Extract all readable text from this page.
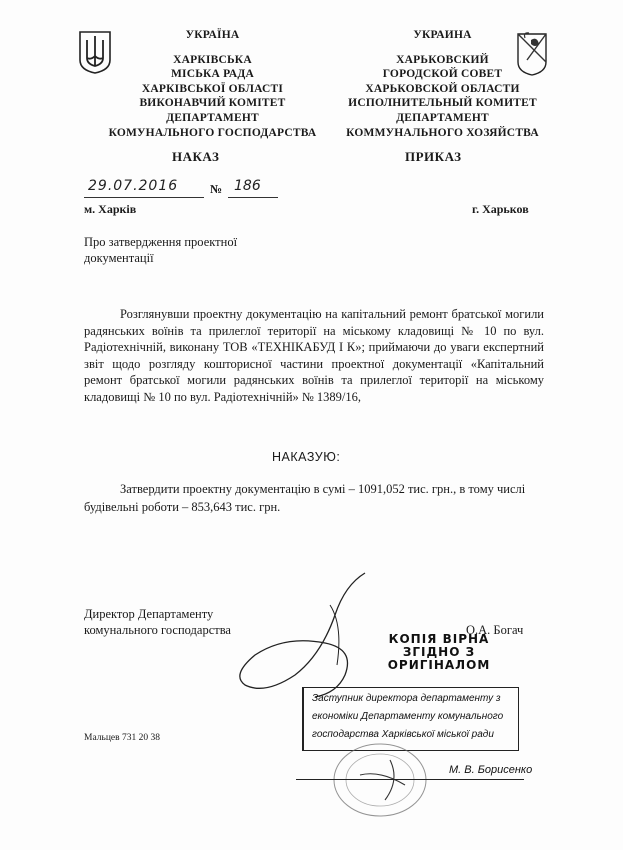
УКРАЇНА
ХАРКІВСЬКА
МІСЬКА РАДА
ХАРКІВСЬКОЇ ОБЛАСТІ
ВИКОНАВЧИЙ КОМІТЕТ
ДЕПАРТАМЕНТ
КОМУНАЛЬНОГО ГОСПОДАРСТВА
УКРАИНА
ХАРЬКОВСКИЙ
ГОРОДСКОЙ СОВЕТ
ХАРЬКОВСКОЙ ОБЛАСТИ
ИСПОЛНИТЕЛЬНЫЙ КОМИТЕТ
ДЕПАРТАМЕНТ
КОММУНАЛЬНОГО ХОЗЯЙСТВА
НАКАЗ	ПРИКАЗ
29.07.2016	№ 186
м. Харків	г. Харьков
Про затвердження проектної
документації

Розглянувши проектну документацію на капітальний ремонт братської могили радянських воїнів та прилеглої території на міському кладовищі № 10 по вул. Радіотехнічній, виконану ТОВ «ТЕХНІКАБУД І К»; приймаючи до уваги експертний звіт щодо розгляду кошторисної частини проектної документації «Капітальний ремонт братської могили радянських воїнів та прилеглої території на міському кладовищі № 10 по вул. Радіотехнічній» № 1389/16,

НАКАЗУЮ:

Затвердити проектну документацію в сумі – 1091,052 тис. грн., в тому числі будівельні роботи – 853,643 тис. грн.

Директор Департаменту
комунального господарства	О.А. Богач
КОПІЯ ВІРНА
ЗГІДНО З
ОРИГІНАЛОМ

Заступник директора департаменту з

економіки Департаменту комунального

господарства Харківської міської ради

М. В. Борисенко
Мальцев 731 20 38
